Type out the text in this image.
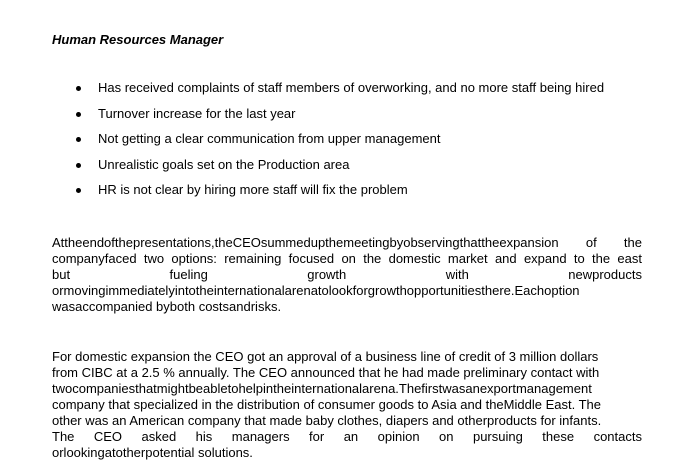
Human Resources Manager
Has received complaints of staff members of overworking, and no more staff being hired
Turnover increase for the last year
Not getting a clear communication from upper management
Unrealistic goals set on the Production area
HR is not clear by hiring more staff will fix the problem

Attheendofthepresentations,theCEOsummedupthemeetingbyobservingthattheexpansion of the
companyfaced two options: remaining focused on the domestic market and expand to the east
but fueling growth with newproducts
ormovingimmediatelyintotheinternationalarenatolookforgrowthopportunitiesthere.Eachoption
wasaccompanied byboth costsandrisks.

For domestic expansion the CEO got an approval of a business line of credit of 3 million dollars
from CIBC at a 2.5 % annually. The CEO announced that he had made preliminary contact with
twocompaniesthatmightbeabletohelpintheinternationalarena.Thefirstwasanexportmanagement
company that specialized in the distribution of consumer goods to Asia and theMiddle East. The
other was an American company that made baby clothes, diapers and otherproducts for infants.
The CEO asked his managers for an opinion on pursuing these contacts
orlookingatotherpotential solutions.
